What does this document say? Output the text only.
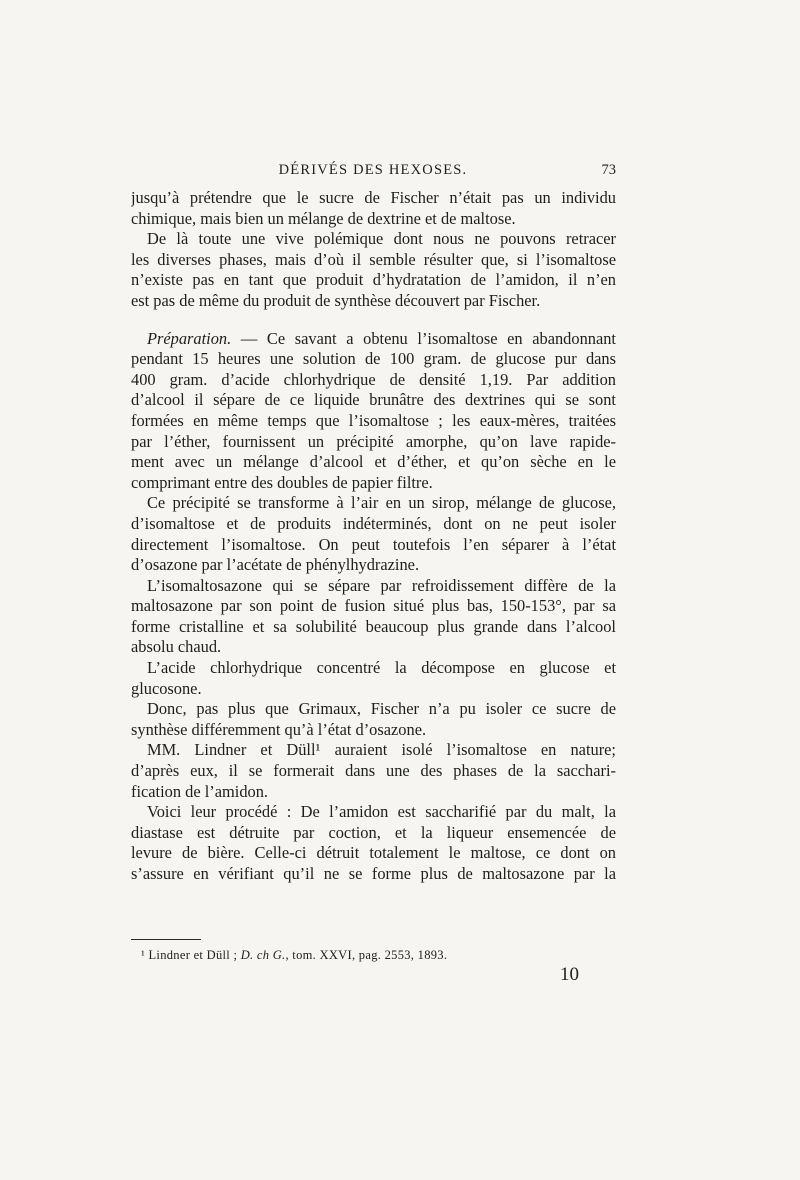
DÉRIVÉS DES HEXOSES.	73
jusqu’à prétendre que le sucre de Fischer n’était pas un individu
chimique, mais bien un mélange de dextrine et de maltose.
De là toute une vive polémique dont nous ne pouvons retracer
les diverses phases, mais d’où il semble résulter que, si l’isomaltose
n’existe pas en tant que produit d’hydratation de l’amidon, il n’en
est pas de même du produit de synthèse découvert par Fischer.
Préparation. — Ce savant a obtenu l’isomaltose en abandonnant
pendant 15 heures une solution de 100 gram. de glucose pur dans
400 gram. d’acide chlorhydrique de densité 1,19. Par addition
d’alcool il sépare de ce liquide brunâtre des dextrines qui se sont
formées en même temps que l’isomaltose ; les eaux-mères, traitées
par l’éther, fournissent un précipité amorphe, qu’on lave rapide-
ment avec un mélange d’alcool et d’éther, et qu’on sèche en le
comprimant entre des doubles de papier filtre.
Ce précipité se transforme à l’air en un sirop, mélange de glucose,
d’isomaltose et de produits indéterminés, dont on ne peut isoler
directement l’isomaltose. On peut toutefois l’en séparer à l’état
d’osazone par l’acétate de phénylhydrazine.
L’isomaltosazone qui se sépare par refroidissement diffère de la
maltosazone par son point de fusion situé plus bas, 150-153°, par sa
forme cristalline et sa solubilité beaucoup plus grande dans l’alcool
absolu chaud.
L’acide chlorhydrique concentré la décompose en glucose et
glucosone.
Donc, pas plus que Grimaux, Fischer n’a pu isoler ce sucre de
synthèse différemment qu’à l’état d’osazone.
MM. Lindner et Düll¹ auraient isolé l’isomaltose en nature;
d’après eux, il se formerait dans une des phases de la sacchari-
fication de l’amidon.
Voici leur procédé : De l’amidon est saccharifié par du malt, la
diastase est détruite par coction, et la liqueur ensemencée de
levure de bière. Celle-ci détruit totalement le maltose, ce dont on
s’assure en vérifiant qu’il ne se forme plus de maltosazone par la
¹ Lindner et Düll ; D. ch G., tom. XXVI, pag. 2553, 1893.
10
